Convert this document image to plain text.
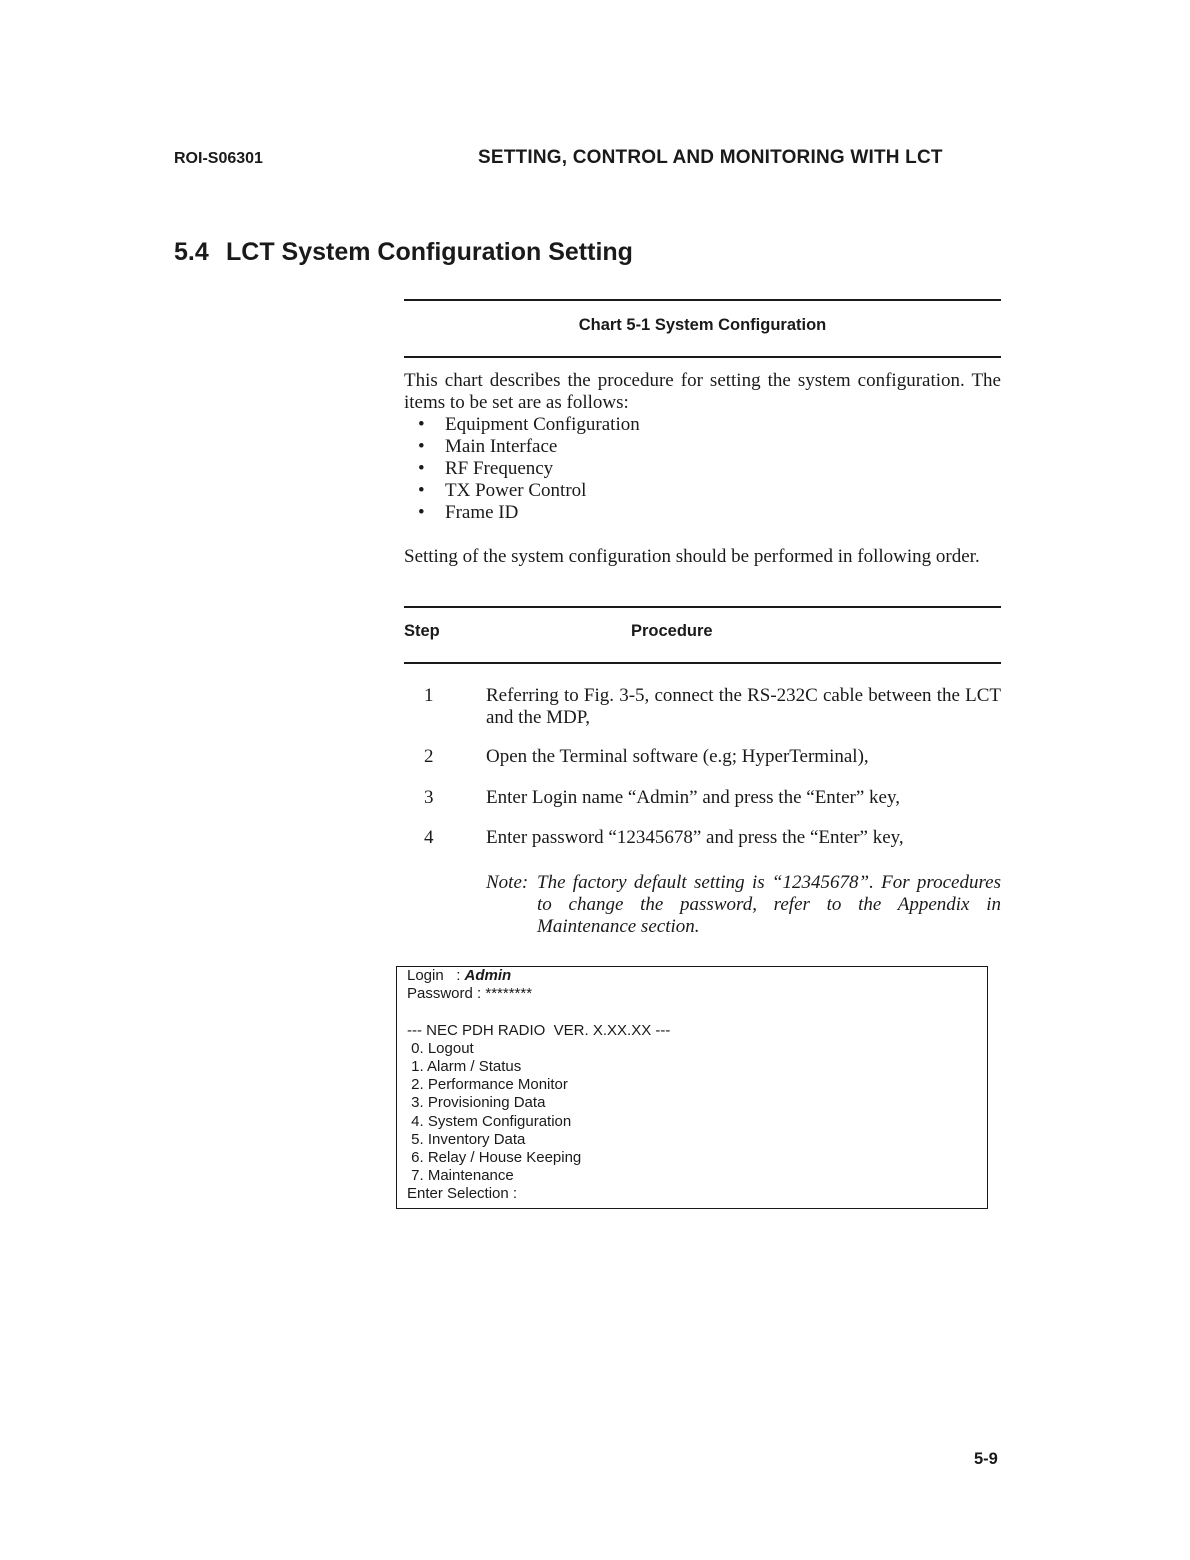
ROI-S06301	SETTING, CONTROL AND MONITORING WITH LCT
5.4 LCT System Configuration Setting
Chart 5-1 System Configuration
This chart describes the procedure for setting the system configuration. The items to be set are as follows:
•	Equipment Configuration
•	Main Interface
•	RF Frequency
•	TX Power Control
•	Frame ID
Setting of the system configuration should be performed in following order.
Step	Procedure
1	Referring to Fig. 3-5, connect the RS-232C cable between the LCT and the MDP,
2	Open the Terminal software (e.g; HyperTerminal),
3	Enter Login name “Admin” and press the “Enter” key,
4	Enter password “12345678” and press the “Enter” key,
Note: The factory default setting is “12345678”. For procedures to change the password, refer to the Appendix in Maintenance section.
Login   : Admin
Password : ********

--- NEC PDH RADIO  VER. X.XX.XX ---
0. Logout
1. Alarm / Status
2. Performance Monitor
3. Provisioning Data
4. System Configuration
5. Inventory Data
6. Relay / House Keeping
7. Maintenance
Enter Selection :
5-9
